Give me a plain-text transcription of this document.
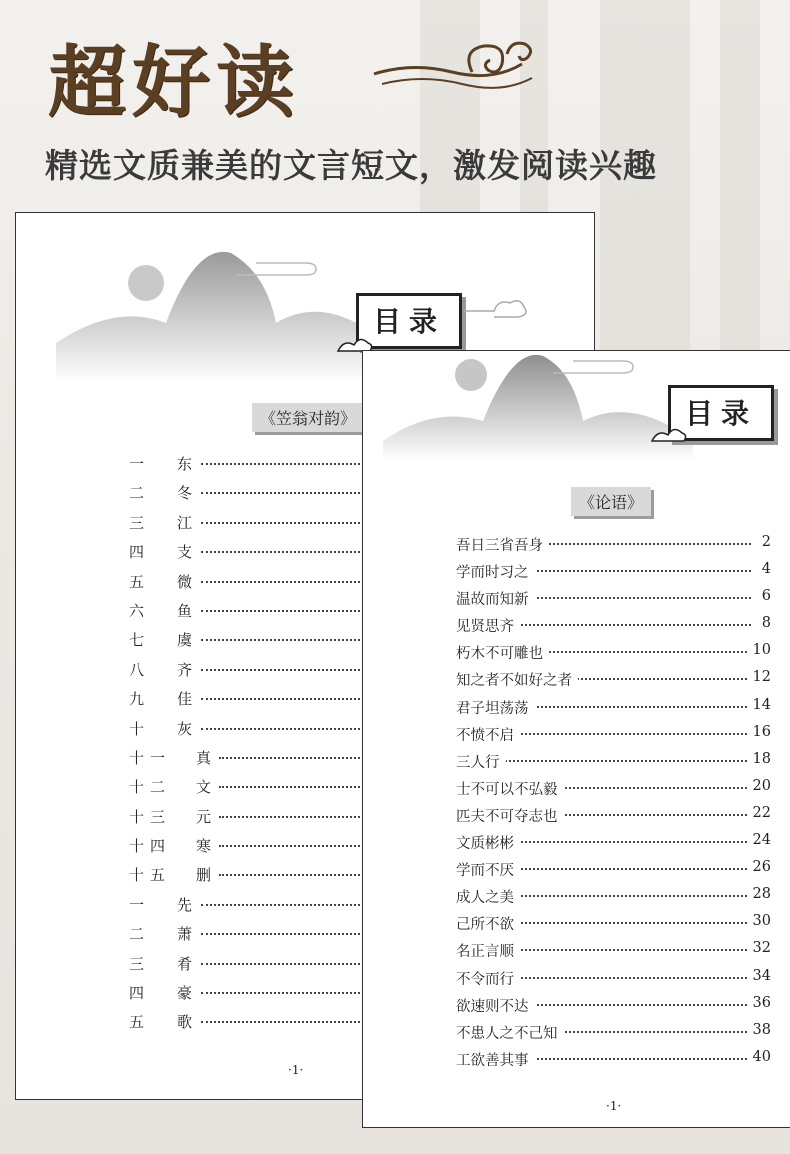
超好读
精选文质兼美的文言短文，激发阅读兴趣
目录
《笠翁对韵》
一 东
二 冬
三 江
四 支
五 微
六 鱼
七 虞
八 齐
九 佳
十 灰
十一 真
十二 文
十三 元
十四 寒
十五 删
一 先
二 萧
三 肴
四 豪
五 歌
·1·
目录
《论语》
吾日三省吾身	2
学而时习之	4
温故而知新	6
见贤思齐	8
朽木不可雕也	10
知之者不如好之者	12
君子坦荡荡	14
不愤不启	16
三人行	18
士不可以不弘毅	20
匹夫不可夺志也	22
文质彬彬	24
学而不厌	26
成人之美	28
己所不欲	30
名正言顺	32
不令而行	34
欲速则不达	36
不患人之不己知	38
工欲善其事	40
·1·
